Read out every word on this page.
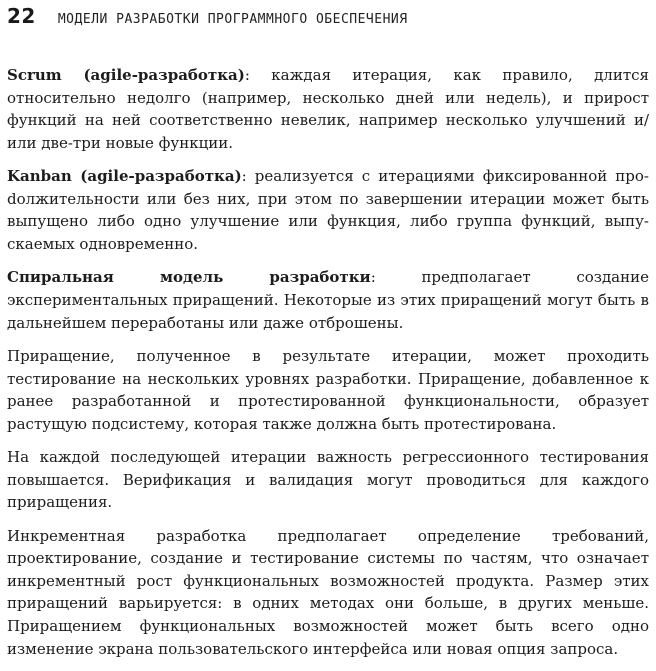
22 МОДЕЛИ РАЗРАБОТКИ ПРОГРАММНОГО ОБЕСПЕЧЕНИЯ

Scrum (agile-разработка): каждая итерация, как правило, длится относительно недолго (например, несколько дней или недель), и прирост функций на ней соответственно невелик, например несколько улучшений и/или две-три новые функции.

Kanban (agile-разработка): реализуется с итерациями фиксированной проdолжительности или без них, при этом по завершении итерации может быть выпущено либо одно улучшение или функция, либо группа функций, выпускаемых одновременно.

Спиральная модель разработки: предполагает создание экспериментальных приращений. Некоторые из этих приращений могут быть в дальнейшем переработаны или даже отброшены.

Приращение, полученное в результате итерации, может проходить тестирование на нескольких уровнях разработки. Приращение, добавленное к ранее разработанной и протестированной функциональности, образует растущую подсистему, которая также должна быть протестирована.

На каждой последующей итерации важность регрессионного тестирования повышается. Верификация и валидация могут проводиться для каждого приращения.

Инкрементная разработка предполагает определение требований, проектирование, создание и тестирование системы по частям, что означает инкрементный рост функциональных возможностей продукта. Размер этих приращений варьируется: в одних методах они больше, в других меньше. Приращением функциональных возможностей может быть всего одно изменение экрана пользовательского интерфейса или новая опция запроса.
